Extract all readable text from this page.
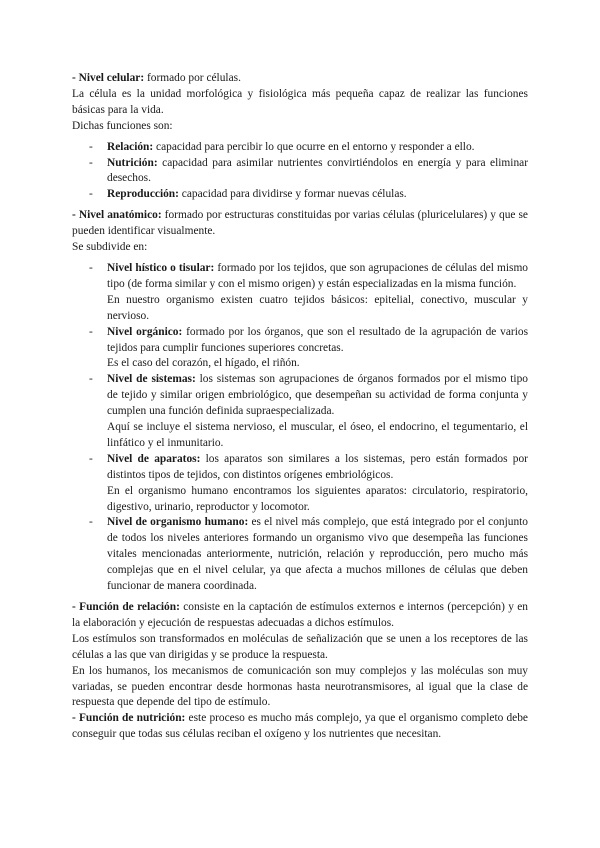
- Nivel celular: formado por células.

La célula es la unidad morfológica y fisiológica más pequeña capaz de realizar las funciones básicas para la vida.

Dichas funciones son:

- Relación: capacidad para percibir lo que ocurre en el entorno y responder a ello.
- Nutrición: capacidad para asimilar nutrientes convirtiéndolos en energía y para eliminar desechos.
- Reproducción: capacidad para dividirse y formar nuevas células.

- Nivel anatómico: formado por estructuras constituidas por varias células (pluricelulares) y que se pueden identificar visualmente.

Se subdivide en:

- Nivel hístico o tisular: formado por los tejidos, que son agrupaciones de células del mismo tipo (de forma similar y con el mismo origen) y están especializadas en la misma función.
En nuestro organismo existen cuatro tejidos básicos: epitelial, conectivo, muscular y nervioso.
- Nivel orgánico: formado por los órganos, que son el resultado de la agrupación de varios tejidos para cumplir funciones superiores concretas.
Es el caso del corazón, el hígado, el riñón.
- Nivel de sistemas: los sistemas son agrupaciones de órganos formados por el mismo tipo de tejido y similar origen embriológico, que desempeñan su actividad de forma conjunta y cumplen una función definida supraespecializada.
Aquí se incluye el sistema nervioso, el muscular, el óseo, el endocrino, el tegumentario, el linfático y el inmunitario.
- Nivel de aparatos: los aparatos son similares a los sistemas, pero están formados por distintos tipos de tejidos, con distintos orígenes embriológicos.
En el organismo humano encontramos los siguientes aparatos: circulatorio, respiratorio, digestivo, urinario, reproductor y locomotor.
- Nivel de organismo humano: es el nivel más complejo, que está integrado por el conjunto de todos los niveles anteriores formando un organismo vivo que desempeña las funciones vitales mencionadas anteriormente, nutrición, relación y reproducción, pero mucho más complejas que en el nivel celular, ya que afecta a muchos millones de células que deben funcionar de manera coordinada.

- Función de relación: consiste en la captación de estímulos externos e internos (percepción) y en la elaboración y ejecución de respuestas adecuadas a dichos estímulos.

Los estímulos son transformados en moléculas de señalización que se unen a los receptores de las células a las que van dirigidas y se produce la respuesta.

En los humanos, los mecanismos de comunicación son muy complejos y las moléculas son muy variadas, se pueden encontrar desde hormonas hasta neurotransmisores, al igual que la clase de respuesta que depende del tipo de estímulo.

- Función de nutrición: este proceso es mucho más complejo, ya que el organismo completo debe conseguir que todas sus células reciban el oxígeno y los nutrientes que necesitan.
